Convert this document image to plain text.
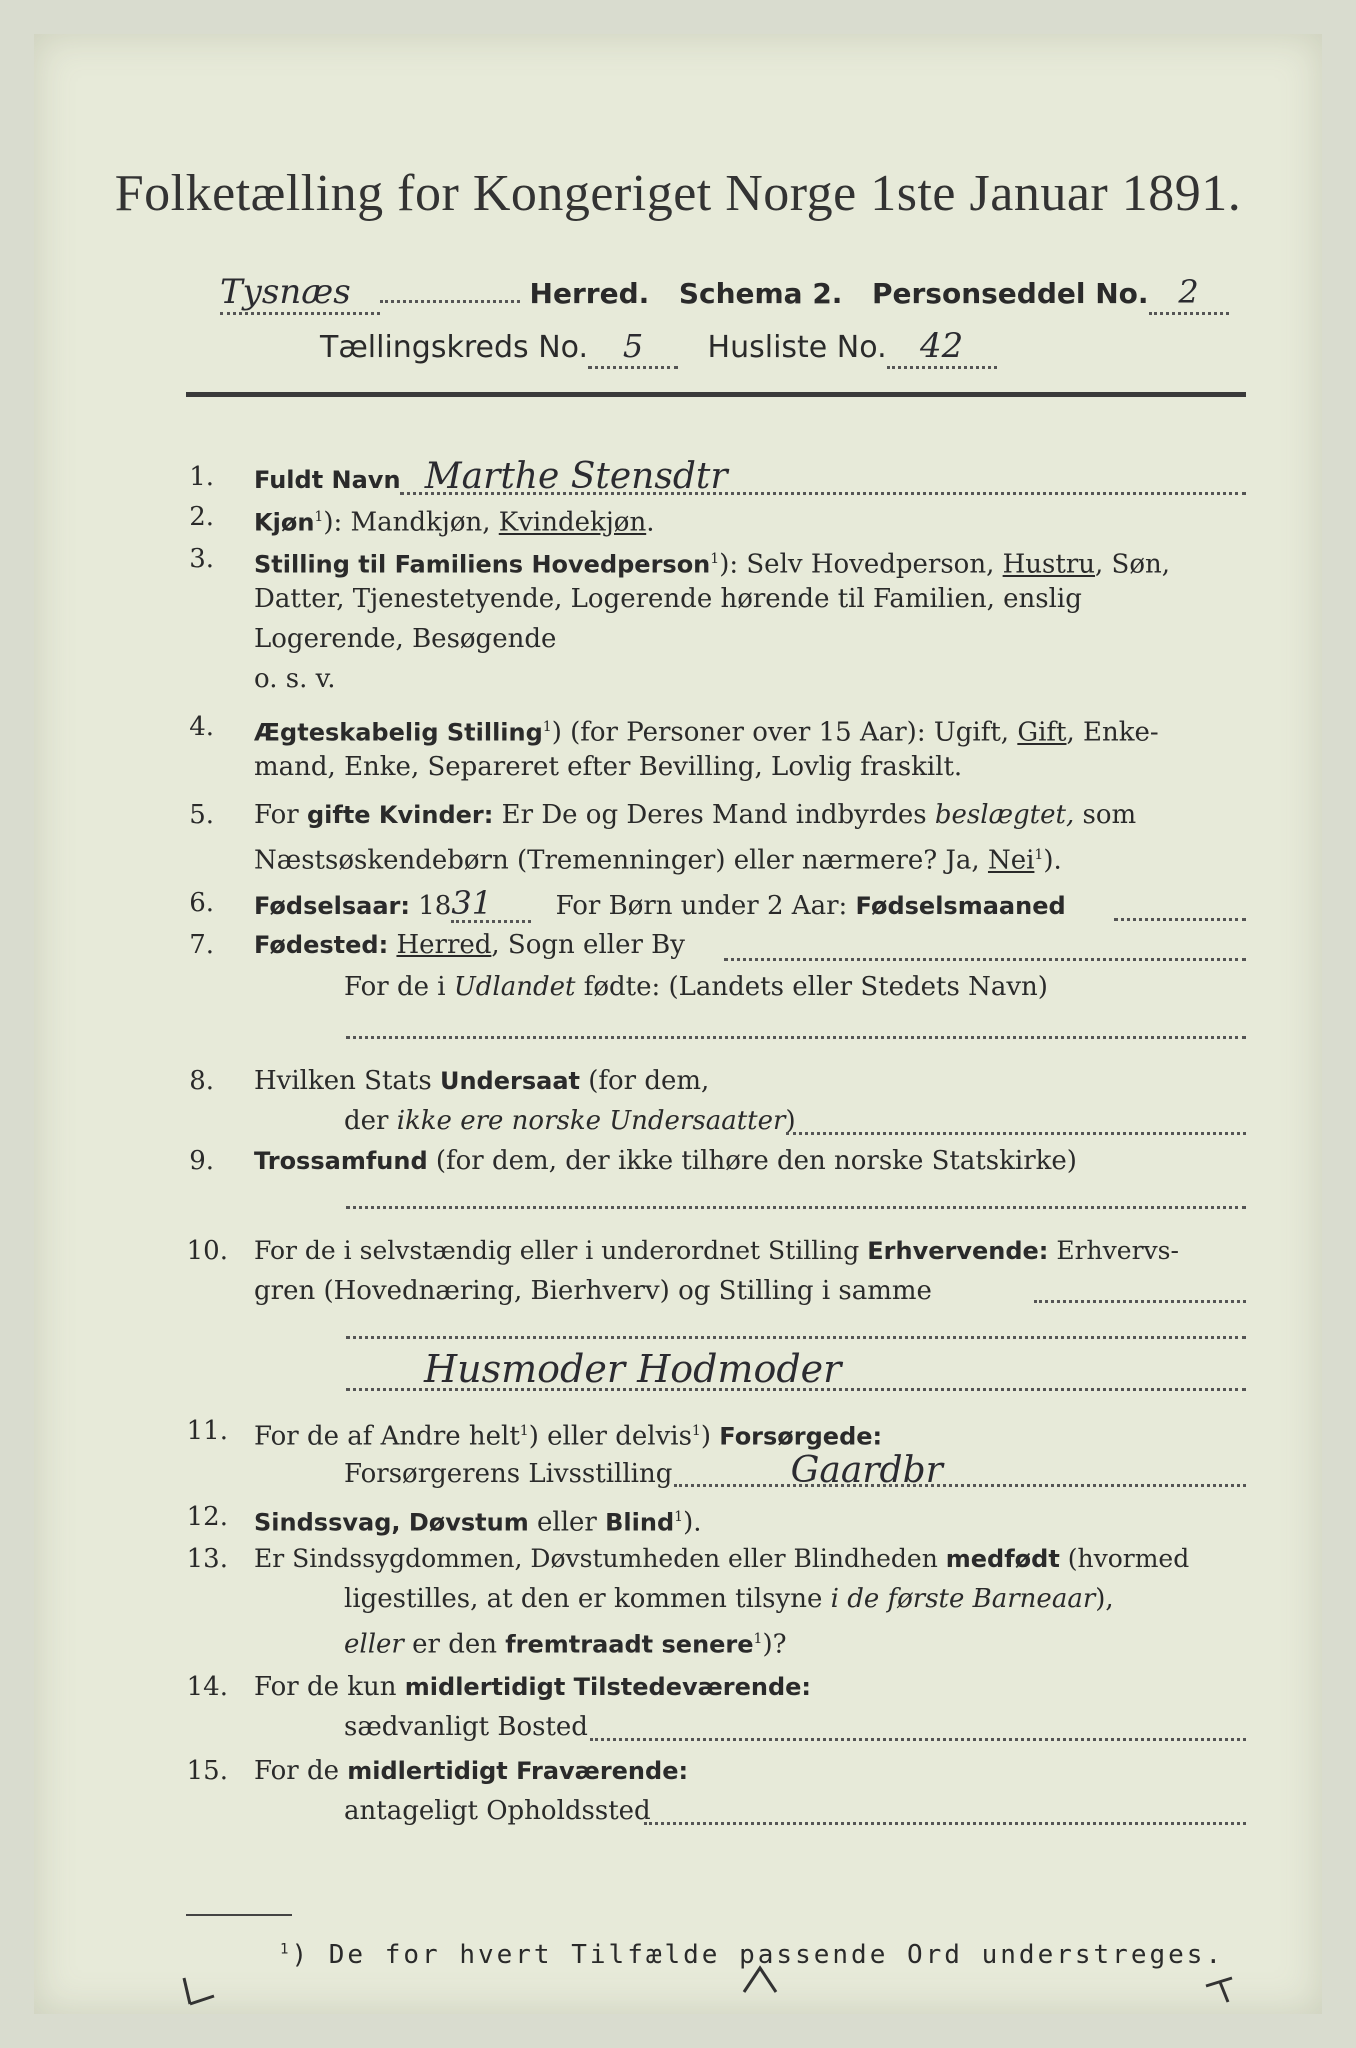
Folketælling for Kongeriget Norge 1ste Januar 1891.
Tysnæs	Herred. Schema 2. Personseddel No. 2
Tællingskreds No. 5 Husliste No. 42
1. Fuldt Navn Marthe Stensdtr
2. Kjøn$^1$): Mandkjøn, Kvindekjøn.
3. Stilling til Familiens Hovedperson$^1$): Selv Hovedperson, Hustru, Søn,
Datter, Tjenestetyende, Logerende hørende til Familien, enslig
Logerende, Besøgende
o. s. v.
4. Ægteskabelig Stilling$^1$) (for Personer over 15 Aar): Ugift, Gift, Enke-
mand, Enke, Separeret efter Bevilling, Lovlig fraskilt.
5. For gifte Kvinder: Er De og Deres Mand indbyrdes beslægtet, som
Næstsøskendebørn (Tremenninger) eller nærmere? Ja, Nei$^1$).
6. Fødselsaar: 1831 For Børn under 2 Aar: Fødselsmaaned
7. Fødested: Herred, Sogn eller By
For de i Udlandet fødte: (Landets eller Stedets Navn)
8. Hvilken Stats Undersaat (for dem,
der ikke ere norske Undersaatter)
9. Trossamfund (for dem, der ikke tilhøre den norske Statskirke)
10. For de i selvstændig eller i underordnet Stilling Erhvervende: Erhvervs-
gren (Hovednæring, Bierhverv) og Stilling i samme
Husmoder Hodmoder
11. For de af Andre helt$^1$) eller delvis$^1$) Forsørgede:
Forsørgerens Livsstilling	Gaardbr
12. Sindssvag, Døvstum eller Blind$^1$).
13. Er Sindssygdommen, Døvstumheden eller Blindheden medfødt (hvormed
ligestilles, at den er kommen tilsyne i de første Barneaar),
eller er den fremtraadt senere$^1$)?
14. For de kun midlertidigt Tilstedeværende:
sædvanligt Bosted
15. For de midlertidigt Fraværende:
antageligt Opholdssted
$^1$) De for hvert Tilfælde passende Ord understreges.
